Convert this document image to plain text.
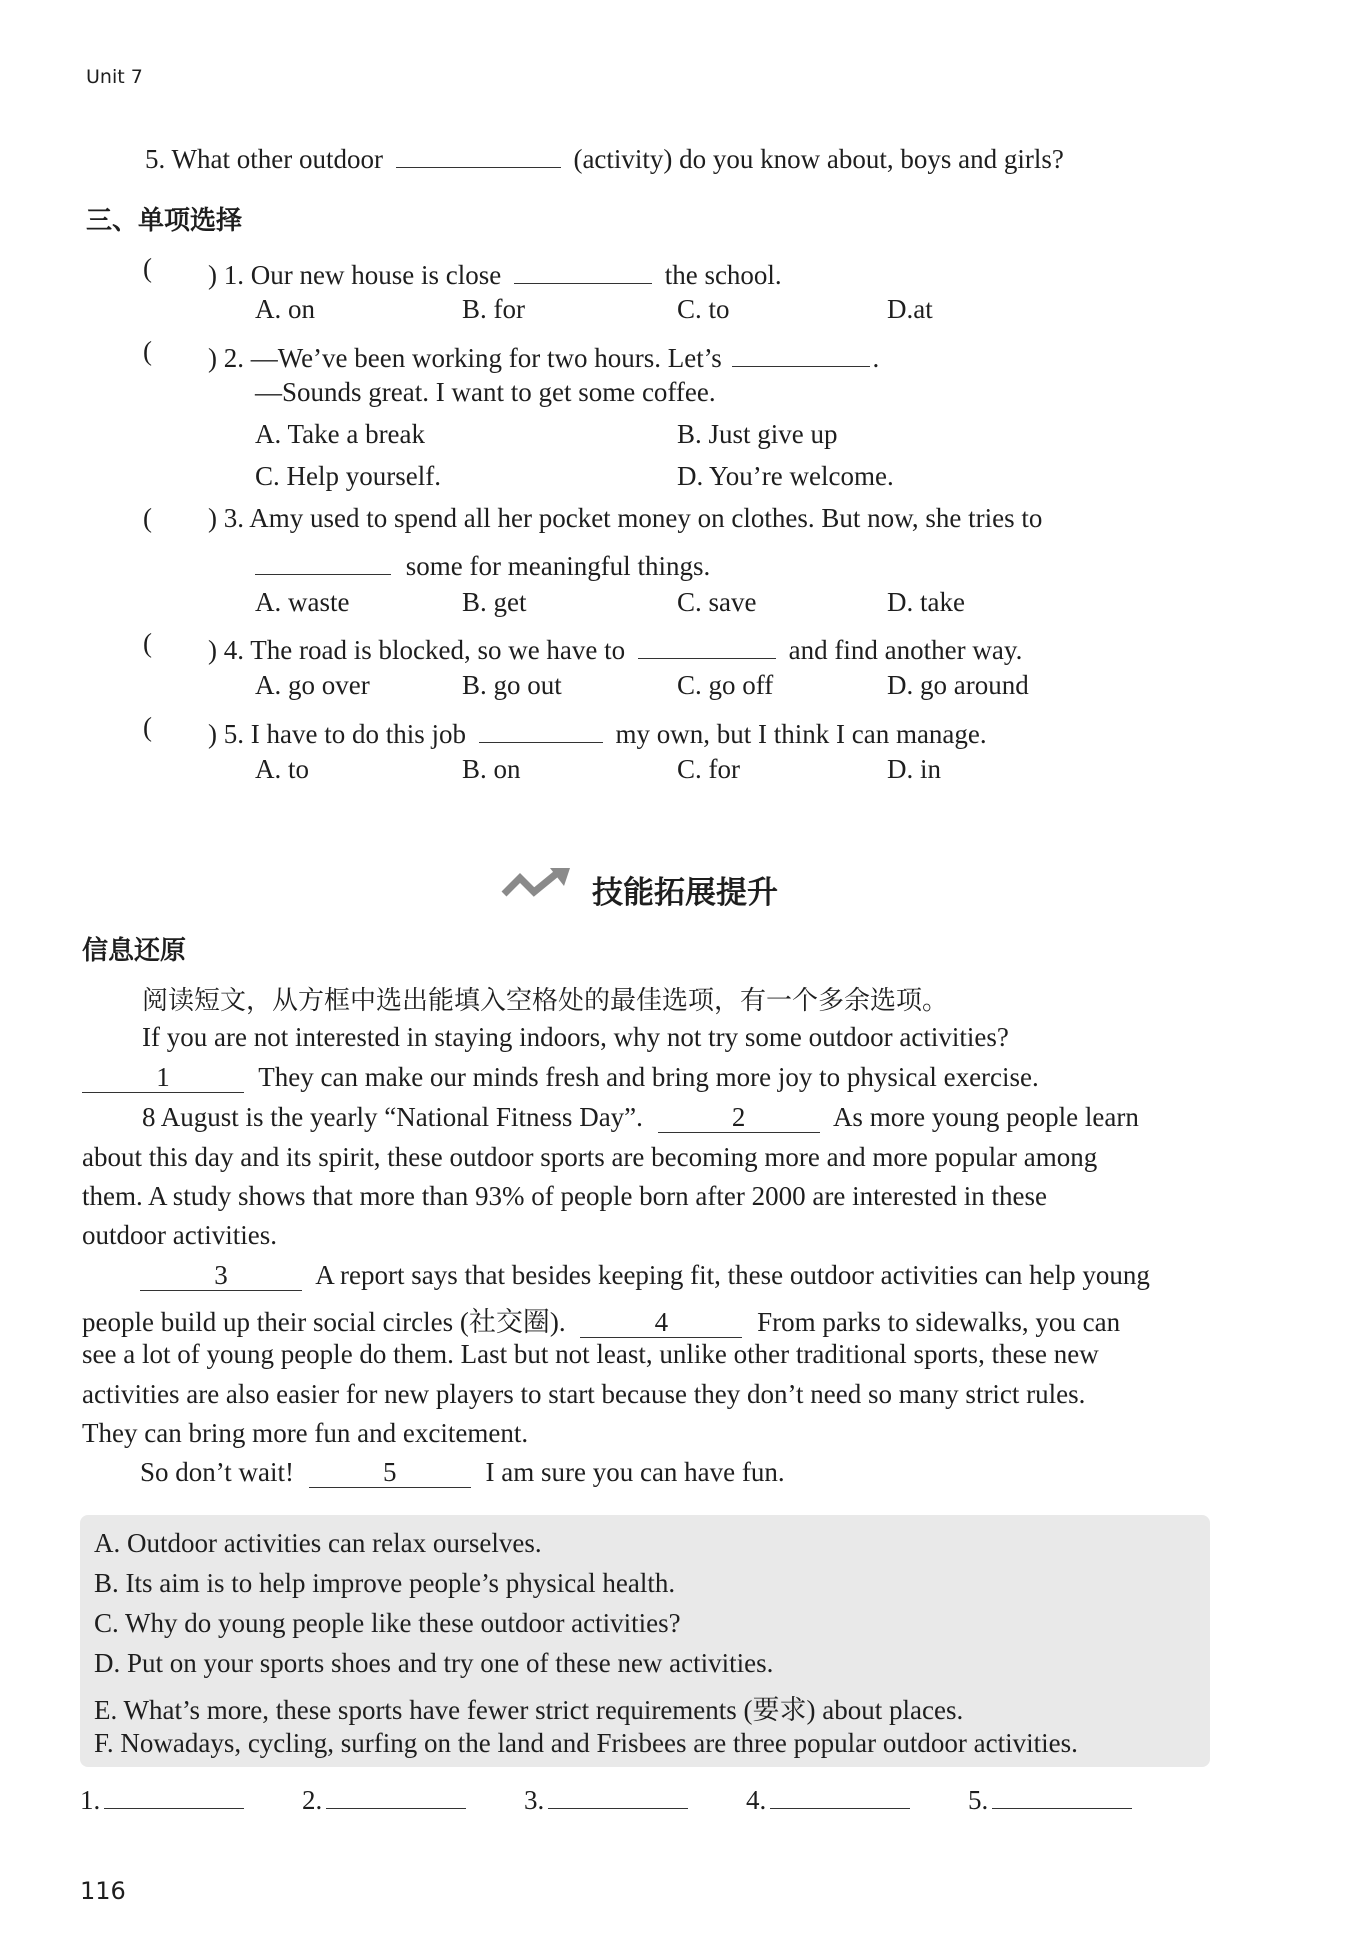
Unit 7
5. What other outdoor	(activity) do you know about, boys and girls?
三、单项选择
( ) 1. Our new house is close	the school.
A. on	B. for	C. to	D.at
( ) 2. —We’ve been working for two hours. Let’s	.
—Sounds great. I want to get some coffee.
A. Take a break	B. Just give up
C. Help yourself.	D. You’re welcome.
( ) 3. Amy used to spend all her pocket money on clothes. But now, she tries to
some for meaningful things.
A. waste	B. get	C. save	D. take
( ) 4. The road is blocked, so we have to	and find another way.
A. go over	B. go out	C. go off	D. go around
( ) 5. I have to do this job	my own, but I think I can manage.
A. to	B. on	C. for	D. in
技能拓展提升
信息还原
阅读短文，从方框中选出能填入空格处的最佳选项，有一个多余选项。
If you are not interested in staying indoors, why not try some outdoor activities?
1	They can make our minds fresh and bring more joy to physical exercise.
8 August is the yearly “National Fitness Day”.	2	As more young people learn
about this day and its spirit, these outdoor sports are becoming more and more popular among
them. A study shows that more than 93% of people born after 2000 are interested in these
outdoor activities.
3	A report says that besides keeping fit, these outdoor activities can help young
people build up their social circles (社交圈).	4	From parks to sidewalks, you can
see a lot of young people do them. Last but not least, unlike other traditional sports, these new
activities are also easier for new players to start because they don’t need so many strict rules.
They can bring more fun and excitement.
So don’t wait!	5	I am sure you can have fun.
A. Outdoor activities can relax ourselves.
B. Its aim is to help improve people’s physical health.
C. Why do young people like these outdoor activities?
D. Put on your sports shoes and try one of these new activities.
E. What’s more, these sports have fewer strict requirements (要求) about places.
F. Nowadays, cycling, surfing on the land and Frisbees are three popular outdoor activities.
1.	2.	3.	4.	5.
116
